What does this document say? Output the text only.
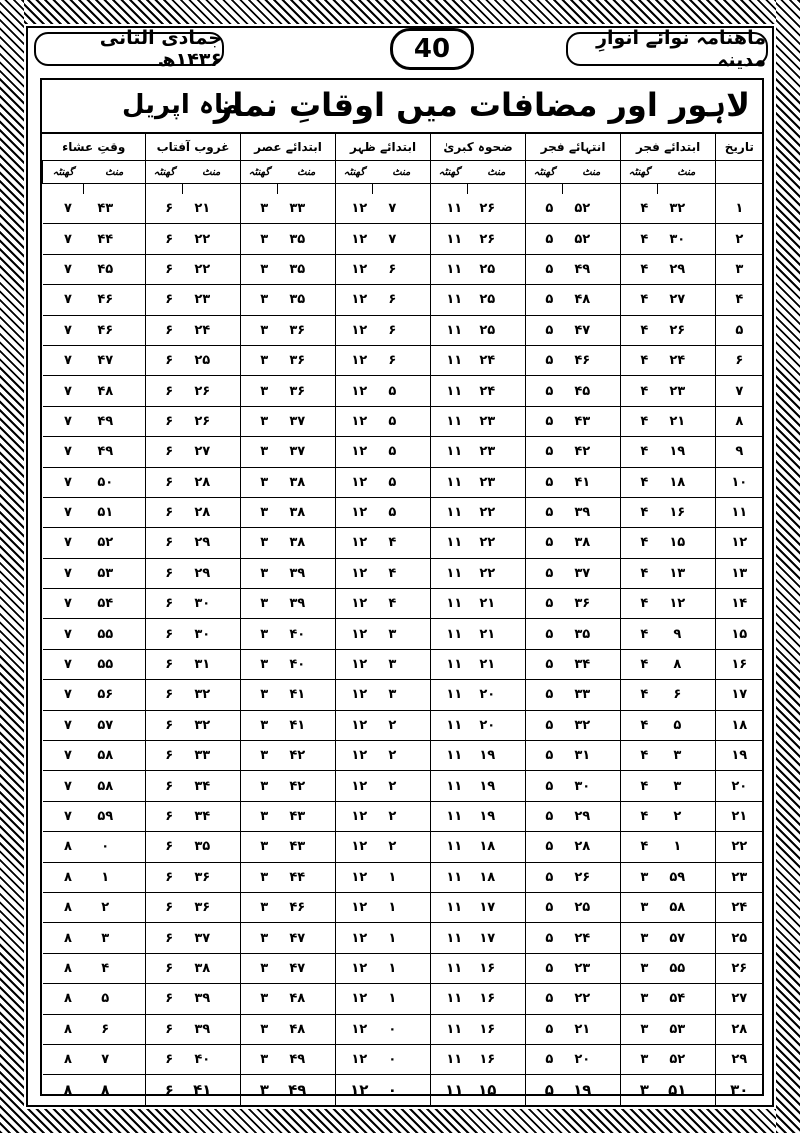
ماهنامہ نوائے انوارِ مدینہ
40
جمادی الثانی ۱۴۳۶ھ
لاہور اور مضافات میں اوقاتِ نماز
ماہ اپریل
تاریخ	ابتدائے فجر		انتہائے فجر		ضحوہ کبریٰ		ابتدائے ظہر		ابتدائے عصر		غروب آفتاب		وقتِ عشاء	
	منٹ	گھنٹہ	منٹ	گھنٹہ	منٹ	گھنٹہ	منٹ	گھنٹہ	منٹ	گھنٹہ	منٹ	گھنٹہ	منٹ	گھنٹہ

۱	۳۲	۴	۵۲	۵	۲۶	۱۱	۷	۱۲	۳۳	۳	۲۱	۶	۴۳	۷
۲	۳۰	۴	۵۲	۵	۲۶	۱۱	۷	۱۲	۳۵	۳	۲۲	۶	۴۴	۷
۳	۲۹	۴	۴۹	۵	۲۵	۱۱	۶	۱۲	۳۵	۳	۲۲	۶	۴۵	۷
۴	۲۷	۴	۴۸	۵	۲۵	۱۱	۶	۱۲	۳۵	۳	۲۳	۶	۴۶	۷
۵	۲۶	۴	۴۷	۵	۲۵	۱۱	۶	۱۲	۳۶	۳	۲۴	۶	۴۶	۷
۶	۲۴	۴	۴۶	۵	۲۴	۱۱	۶	۱۲	۳۶	۳	۲۵	۶	۴۷	۷
۷	۲۳	۴	۴۵	۵	۲۴	۱۱	۵	۱۲	۳۶	۳	۲۶	۶	۴۸	۷
۸	۲۱	۴	۴۳	۵	۲۳	۱۱	۵	۱۲	۳۷	۳	۲۶	۶	۴۹	۷
۹	۱۹	۴	۴۲	۵	۲۳	۱۱	۵	۱۲	۳۷	۳	۲۷	۶	۴۹	۷
۱۰	۱۸	۴	۴۱	۵	۲۳	۱۱	۵	۱۲	۳۸	۳	۲۸	۶	۵۰	۷
۱۱	۱۶	۴	۳۹	۵	۲۲	۱۱	۵	۱۲	۳۸	۳	۲۸	۶	۵۱	۷
۱۲	۱۵	۴	۳۸	۵	۲۲	۱۱	۴	۱۲	۳۸	۳	۲۹	۶	۵۲	۷
۱۳	۱۳	۴	۳۷	۵	۲۲	۱۱	۴	۱۲	۳۹	۳	۲۹	۶	۵۳	۷
۱۴	۱۲	۴	۳۶	۵	۲۱	۱۱	۴	۱۲	۳۹	۳	۳۰	۶	۵۴	۷
۱۵	۹	۴	۳۵	۵	۲۱	۱۱	۳	۱۲	۴۰	۳	۳۰	۶	۵۵	۷
۱۶	۸	۴	۳۴	۵	۲۱	۱۱	۳	۱۲	۴۰	۳	۳۱	۶	۵۵	۷
۱۷	۶	۴	۳۳	۵	۲۰	۱۱	۳	۱۲	۴۱	۳	۳۲	۶	۵۶	۷
۱۸	۵	۴	۳۲	۵	۲۰	۱۱	۲	۱۲	۴۱	۳	۳۲	۶	۵۷	۷
۱۹	۳	۴	۳۱	۵	۱۹	۱۱	۲	۱۲	۴۲	۳	۳۳	۶	۵۸	۷
۲۰	۳	۴	۳۰	۵	۱۹	۱۱	۲	۱۲	۴۲	۳	۳۴	۶	۵۸	۷
۲۱	۲	۴	۲۹	۵	۱۹	۱۱	۲	۱۲	۴۳	۳	۳۴	۶	۵۹	۷
۲۲	۱	۴	۲۸	۵	۱۸	۱۱	۲	۱۲	۴۳	۳	۳۵	۶	۰	۸
۲۳	۵۹	۳	۲۶	۵	۱۸	۱۱	۱	۱۲	۴۴	۳	۳۶	۶	۱	۸
۲۴	۵۸	۳	۲۵	۵	۱۷	۱۱	۱	۱۲	۴۶	۳	۳۶	۶	۲	۸
۲۵	۵۷	۳	۲۴	۵	۱۷	۱۱	۱	۱۲	۴۷	۳	۳۷	۶	۳	۸
۲۶	۵۵	۳	۲۳	۵	۱۶	۱۱	۱	۱۲	۴۷	۳	۳۸	۶	۴	۸
۲۷	۵۴	۳	۲۲	۵	۱۶	۱۱	۱	۱۲	۴۸	۳	۳۹	۶	۵	۸
۲۸	۵۳	۳	۲۱	۵	۱۶	۱۱	۰	۱۲	۴۸	۳	۳۹	۶	۶	۸
۲۹	۵۲	۳	۲۰	۵	۱۶	۱۱	۰	۱۲	۴۹	۳	۴۰	۶	۷	۸
۳۰	۵۱	۳	۱۹	۵	۱۵	۱۱	۰	۱۲	۴۹	۳	۴۱	۶	۸	۸
